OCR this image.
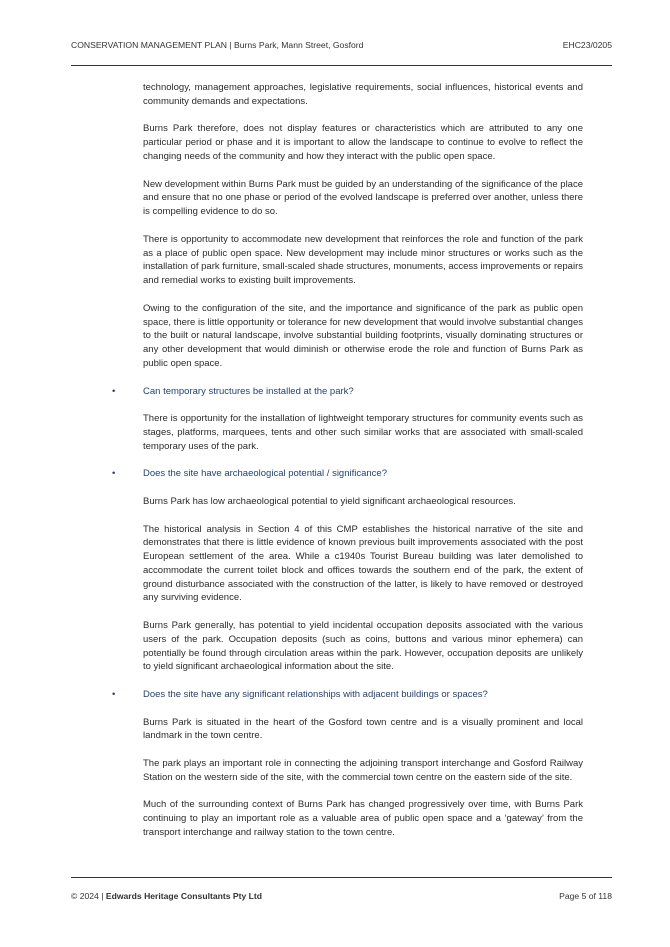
CONSERVATION MANAGEMENT PLAN | Burns Park, Mann Street, Gosford	EHC23/0205

technology, management approaches, legislative requirements, social influences, historical events and community demands and expectations.

Burns Park therefore, does not display features or characteristics which are attributed to any one particular period or phase and it is important to allow the landscape to continue to evolve to reflect the changing needs of the community and how they interact with the public open space.

New development within Burns Park must be guided by an understanding of the significance of the place and ensure that no one phase or period of the evolved landscape is preferred over another, unless there is compelling evidence to do so.

There is opportunity to accommodate new development that reinforces the role and function of the park as a place of public open space. New development may include minor structures or works such as the installation of park furniture, small-scaled shade structures, monuments, access improvements or repairs and remedial works to existing built improvements.

Owing to the configuration of the site, and the importance and significance of the park as public open space, there is little opportunity or tolerance for new development that would involve substantial changes to the built or natural landscape, involve substantial building footprints, visually dominating structures or any other development that would diminish or otherwise erode the role and function of Burns Park as public open space.

•	Can temporary structures be installed at the park?

There is opportunity for the installation of lightweight temporary structures for community events such as stages, platforms, marquees, tents and other such similar works that are associated with small-scaled temporary uses of the park.

•	Does the site have archaeological potential / significance?

Burns Park has low archaeological potential to yield significant archaeological resources.

The historical analysis in Section 4 of this CMP establishes the historical narrative of the site and demonstrates that there is little evidence of known previous built improvements associated with the post European settlement of the area. While a c1940s Tourist Bureau building was later demolished to accommodate the current toilet block and offices towards the southern end of the park, the extent of ground disturbance associated with the construction of the latter, is likely to have removed or destroyed any surviving evidence.

Burns Park generally, has potential to yield incidental occupation deposits associated with the various users of the park. Occupation deposits (such as coins, buttons and various minor ephemera) can potentially be found through circulation areas within the park. However, occupation deposits are unlikely to yield significant archaeological information about the site.

•	Does the site have any significant relationships with adjacent buildings or spaces?

Burns Park is situated in the heart of the Gosford town centre and is a visually prominent and local landmark in the town centre.

The park plays an important role in connecting the adjoining transport interchange and Gosford Railway Station on the western side of the site, with the commercial town centre on the eastern side of the site.

Much of the surrounding context of Burns Park has changed progressively over time, with Burns Park continuing to play an important role as a valuable area of public open space and a ‘gateway’ from the transport interchange and railway station to the town centre.

© 2024 | Edwards Heritage Consultants Pty Ltd	Page 5 of 118
